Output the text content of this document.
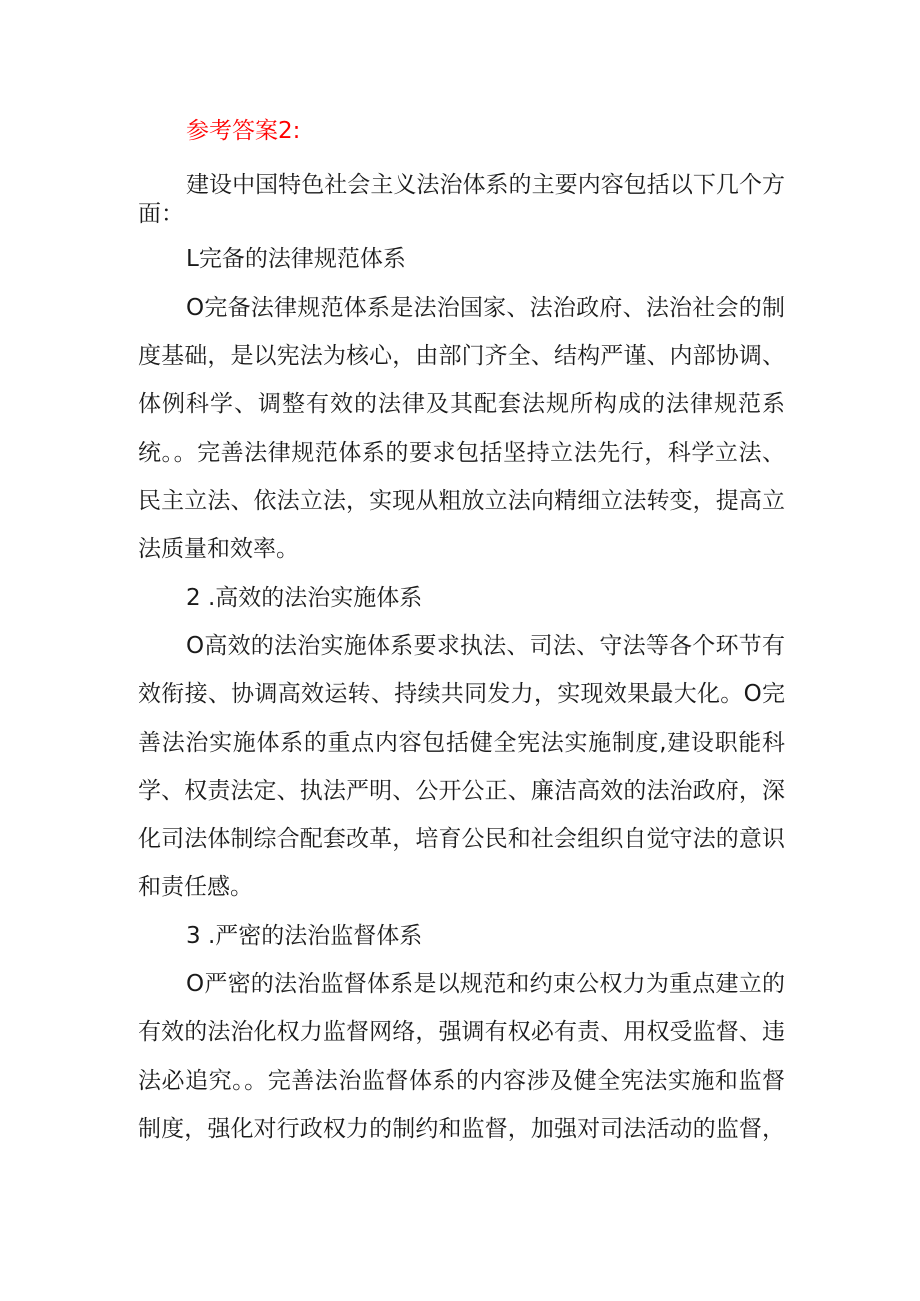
参考答案2:
建设中国特色社会主义法治体系的主要内容包括以下几个方
面：
L完备的法律规范体系
O完备法律规范体系是法治国家、法治政府、法治社会的制
度基础，是以宪法为核心，由部门齐全、结构严谨、内部协调、
体例科学、调整有效的法律及其配套法规所构成的法律规范系
统。。完善法律规范体系的要求包括坚持立法先行，科学立法、
民主立法、依法立法，实现从粗放立法向精细立法转变，提高立
法质量和效率。
2 .高效的法治实施体系
O高效的法治实施体系要求执法、司法、守法等各个环节有
效衔接、协调高效运转、持续共同发力，实现效果最大化。O完
善法治实施体系的重点内容包括健全宪法实施制度,建设职能科
学、权责法定、执法严明、公开公正、廉洁高效的法治政府，深
化司法体制综合配套改革，培育公民和社会组织自觉守法的意识
和责任感。
3 .严密的法治监督体系
O严密的法治监督体系是以规范和约束公权力为重点建立的
有效的法治化权力监督网络，强调有权必有责、用权受监督、违
法必追究。。完善法治监督体系的内容涉及健全宪法实施和监督
制度，强化对行政权力的制约和监督，加强对司法活动的监督，
